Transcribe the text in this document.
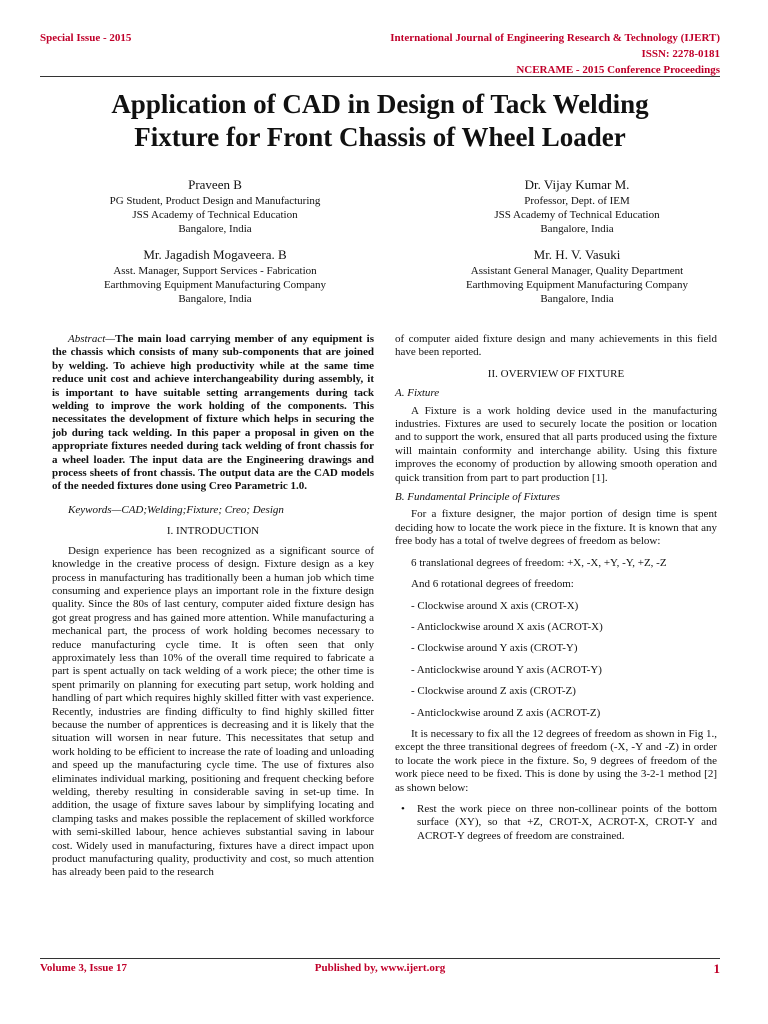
Special Issue - 2015	International Journal of Engineering Research & Technology (IJERT)
ISSN: 2278-0181
NCERAME - 2015 Conference Proceedings
Application of CAD in Design of Tack Welding
Fixture for Front Chassis of Wheel Loader
Praveen B
PG Student, Product Design and Manufacturing
JSS Academy of Technical Education
Bangalore, India
Dr. Vijay Kumar M.
Professor, Dept. of IEM
JSS Academy of Technical Education
Bangalore, India
Mr. Jagadish Mogaveera. B
Asst. Manager, Support Services - Fabrication
Earthmoving Equipment Manufacturing Company
Bangalore, India
Mr. H. V. Vasuki
Assistant General Manager, Quality Department
Earthmoving Equipment Manufacturing Company
Bangalore, India

Abstract—The main load carrying member of any equipment is the chassis which consists of many sub-components that are joined by welding. To achieve high productivity while at the same time reduce unit cost and achieve interchangeability during assembly, it is important to have suitable setting arrangements during tack welding to improve the work holding of the components. This necessitates the development of fixture which helps in securing the job during tack welding. In this paper a proposal in given on the appropriate fixtures needed during tack welding of front chassis for a wheel loader. The input data are the Engineering drawings and process sheets of front chassis. The output data are the CAD models of the needed fixtures done using Creo Parametric 1.0.

Keywords—CAD;Welding;Fixture; Creo; Design

I. INTRODUCTION

Design experience has been recognized as a significant source of knowledge in the creative process of design. Fixture design as a key process in manufacturing has traditionally been a human job which time consuming and experience plays an important role in the fixture design quality. Since the 80s of last century, computer aided fixture design has got great progress and has gained more attention. While manufacturing a mechanical part, the process of work holding becomes necessary to reduce manufacturing cycle time. It is often seen that only approximately less than 10% of the overall time required to fabricate a part is spent actually on tack welding of a work piece; the other time is spent primarily on planning for executing part setup, work holding and handling of part which requires highly skilled fitter with vast experience. Recently, industries are finding difficulty to find highly skilled fitter because the number of apprentices is decreasing and it is likely that the situation will worsen in near future. This necessitates that setup and work holding to be efficient to increase the rate of loading and unloading and speed up the manufacturing cycle time. The use of fixtures also eliminates individual marking, positioning and frequent checking before welding, thereby resulting in considerable saving in set-up time. In addition, the usage of fixture saves labour by simplifying locating and clamping tasks and makes possible the replacement of skilled workforce with semi-skilled labour, hence achieves substantial saving in labour cost. Widely used in manufacturing, fixtures have a direct impact upon product manufacturing quality, productivity and cost, so much attention has already been paid to the research

of computer aided fixture design and many achievements in this field have been reported.

II. OVERVIEW OF FIXTURE

A. Fixture

A Fixture is a work holding device used in the manufacturing industries. Fixtures are used to securely locate the position or location and to support the work, ensured that all parts produced using the fixture will maintain conformity and interchange ability. Using this fixture improves the economy of production by allowing smooth operation and quick transition from part to part production [1].

B. Fundamental Principle of Fixtures

For a fixture designer, the major portion of design time is spent deciding how to locate the work piece in the fixture. It is known that any free body has a total of twelve degrees of freedom as below:

6 translational degrees of freedom: +X, -X, +Y, -Y, +Z, -Z

And 6 rotational degrees of freedom:

- Clockwise around X axis (CROT-X)

- Anticlockwise around X axis (ACROT-X)

- Clockwise around Y axis (CROT-Y)

- Anticlockwise around Y axis (ACROT-Y)

- Clockwise around Z axis (CROT-Z)

- Anticlockwise around Z axis (ACROT-Z)

It is necessary to fix all the 12 degrees of freedom as shown in Fig 1., except the three transitional degrees of freedom (-X, -Y and -Z) in order to locate the work piece in the fixture. So, 9 degrees of freedom of the work piece need to be fixed. This is done by using the 3-2-1 method [2] as shown below:

• Rest the work piece on three non-collinear points of the bottom surface (XY), so that +Z, CROT-X, ACROT-X, CROT-Y and ACROT-Y degrees of freedom are constrained.

Volume 3, Issue 17	Published by, www.ijert.org	1
